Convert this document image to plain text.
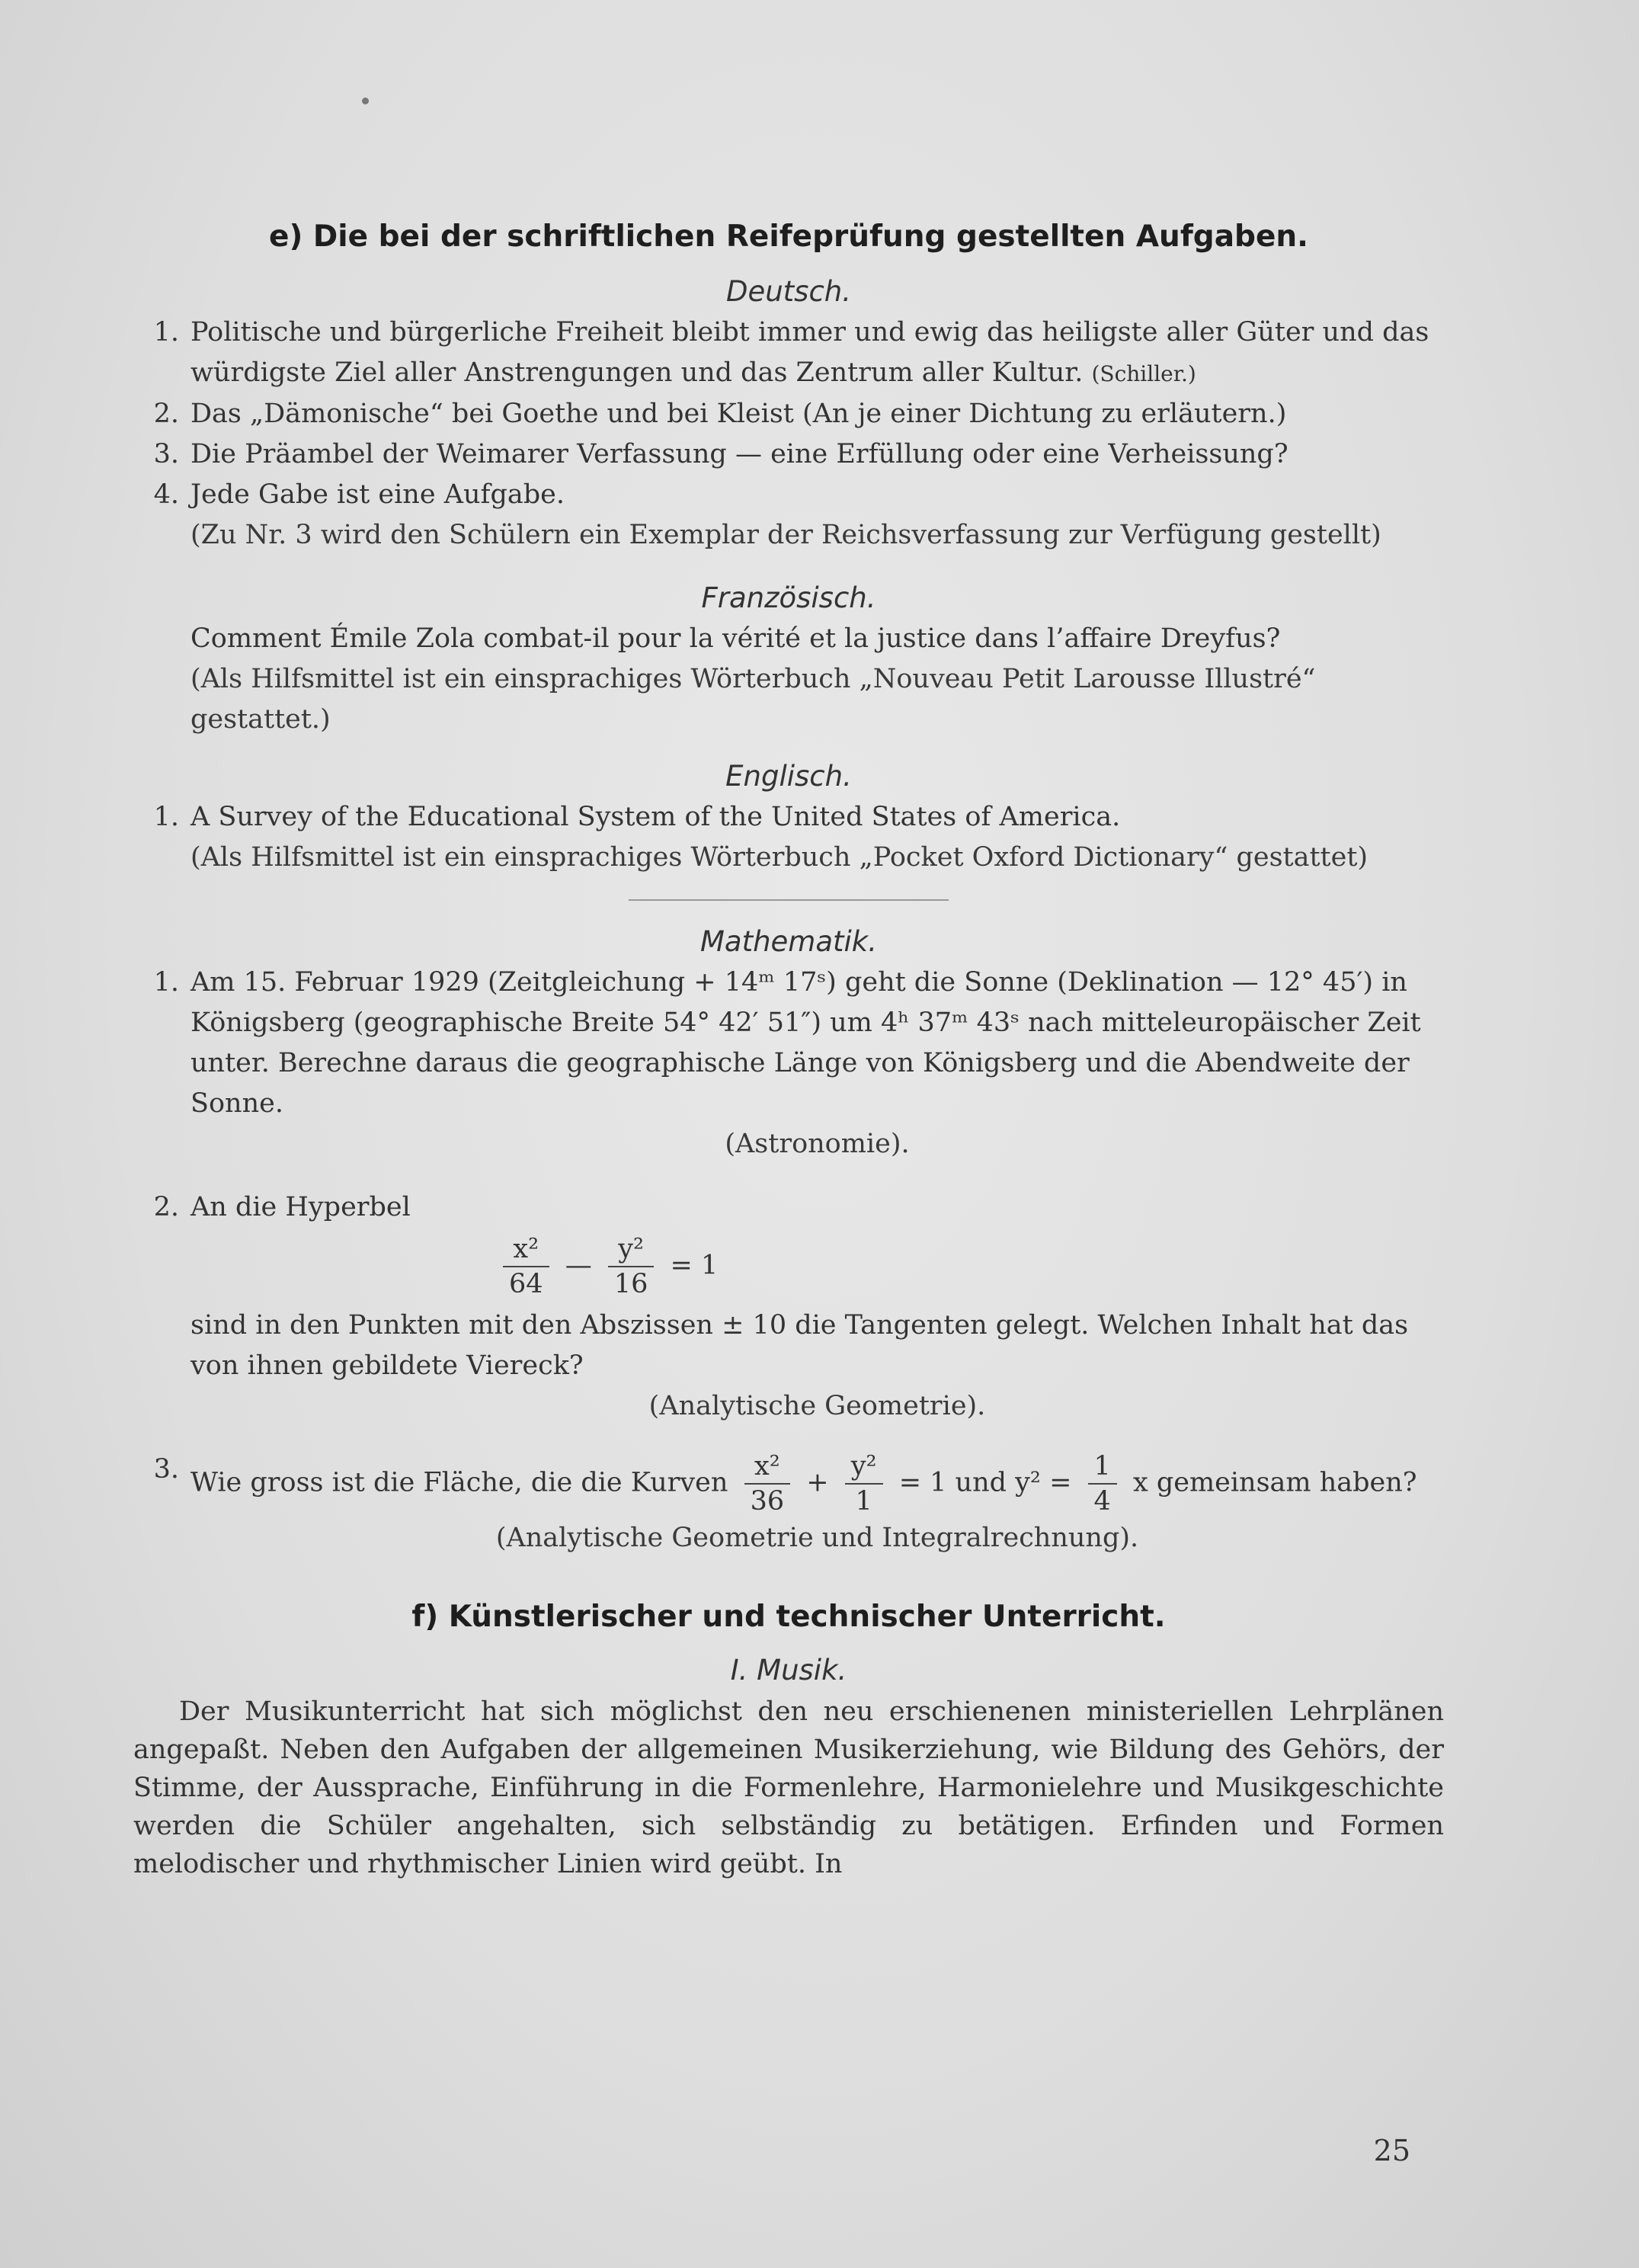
e) Die bei der schriftlichen Reifeprüfung gestellten Aufgaben.
Deutsch.
1. Politische und bürgerliche Freiheit bleibt immer und ewig das heiligste aller Güter und das würdigste Ziel aller Anstrengungen und das Zentrum aller Kultur. (Schiller.)
2. Das „Dämonische“ bei Goethe und bei Kleist (An je einer Dichtung zu erläutern.)
3. Die Präambel der Weimarer Verfassung — eine Erfüllung oder eine Verheissung?
4. Jede Gabe ist eine Aufgabe.
(Zu Nr. 3 wird den Schülern ein Exemplar der Reichsverfassung zur Verfügung gestellt)
Französisch.
Comment Émile Zola combat-il pour la vérité et la justice dans l’affaire Dreyfus?
(Als Hilfsmittel ist ein einsprachiges Wörterbuch „Nouveau Petit Larousse Illustré“ gestattet.)
Englisch.
1. A Survey of the Educational System of the United States of America.
(Als Hilfsmittel ist ein einsprachiges Wörterbuch „Pocket Oxford Dictionary“ gestattet)
Mathematik.
1. Am 15. Februar 1929 (Zeitgleichung + 14ᵐ 17ˢ) geht die Sonne (Deklination — 12° 45′) in Königsberg (geographische Breite 54° 42′ 51″) um 4ʰ 37ᵐ 43ˢ nach mitteleuropäischer Zeit unter. Berechne daraus die geographische Länge von Königsberg und die Abendweite der Sonne.
(Astronomie).
2. An die Hyperbel
$\frac{\text{x²}}{64}$ — $\frac{\text{y²}}{16} = 1$
sind in den Punkten mit den Abszissen ± 10 die Tangenten gelegt. Welchen Inhalt hat das von ihnen gebildete Viereck?
(Analytische Geometrie).
3. Wie gross ist die Fläche, die die Kurven $\frac{\text{x²}}{36} + \frac{\text{y²}}{1} = 1$ und $y^2 = \frac{1}{4}$ x gemeinsam haben?
(Analytische Geometrie und Integralrechnung).
f) Künstlerischer und technischer Unterricht.
I. Musik.
Der Musikunterricht hat sich möglichst den neu erschienenen ministeriellen Lehrplänen angepaßt. Neben den Aufgaben der allgemeinen Musikerziehung, wie Bildung des Gehörs, der Stimme, der Aussprache, Einführung in die Formenlehre, Harmonielehre und Musikgeschichte werden die Schüler angehalten, sich selbständig zu betätigen. Erfinden und Formen melodischer und rhythmischer Linien wird geübt. In
25
